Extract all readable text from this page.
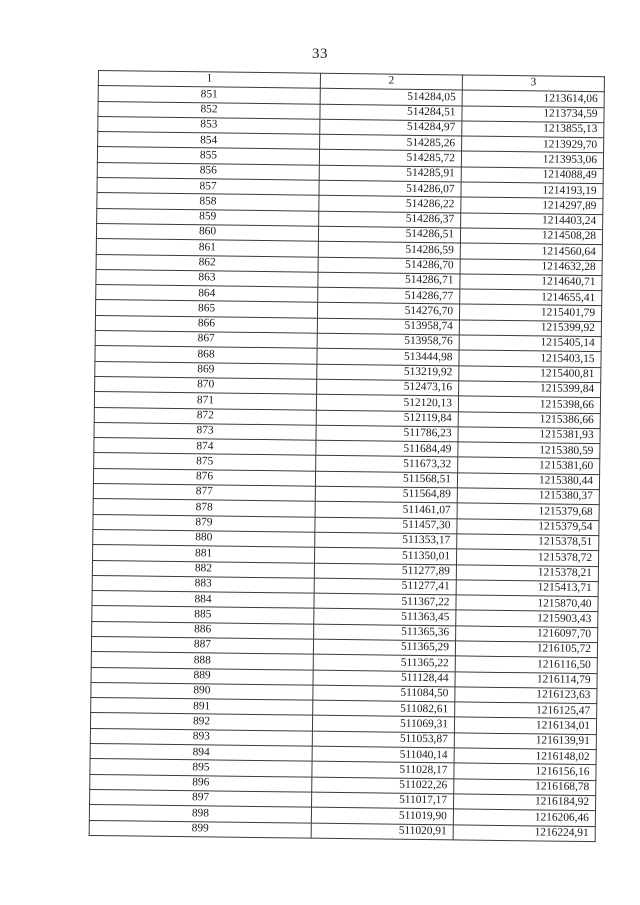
33
1	2	3
851	514284,05	1213614,06
852	514284,51	1213734,59
853	514284,97	1213855,13
854	514285,26	1213929,70
855	514285,72	1213953,06
856	514285,91	1214088,49
857	514286,07	1214193,19
858	514286,22	1214297,89
859	514286,37	1214403,24
860	514286,51	1214508,28
861	514286,59	1214560,64
862	514286,70	1214632,28
863	514286,71	1214640,71
864	514286,77	1214655,41
865	514276,70	1215401,79
866	513958,74	1215399,92
867	513958,76	1215405,14
868	513444,98	1215403,15
869	513219,92	1215400,81
870	512473,16	1215399,84
871	512120,13	1215398,66
872	512119,84	1215386,66
873	511786,23	1215381,93
874	511684,49	1215380,59
875	511673,32	1215381,60
876	511568,51	1215380,44
877	511564,89	1215380,37
878	511461,07	1215379,68
879	511457,30	1215379,54
880	511353,17	1215378,51
881	511350,01	1215378,72
882	511277,89	1215378,21
883	511277,41	1215413,71
884	511367,22	1215870,40
885	511363,45	1215903,43
886	511365,36	1216097,70
887	511365,29	1216105,72
888	511365,22	1216116,50
889	511128,44	1216114,79
890	511084,50	1216123,63
891	511082,61	1216125,47
892	511069,31	1216134,01
893	511053,87	1216139,91
894	511040,14	1216148,02
895	511028,17	1216156,16
896	511022,26	1216168,78
897	511017,17	1216184,92
898	511019,90	1216206,46
899	511020,91	1216224,91
